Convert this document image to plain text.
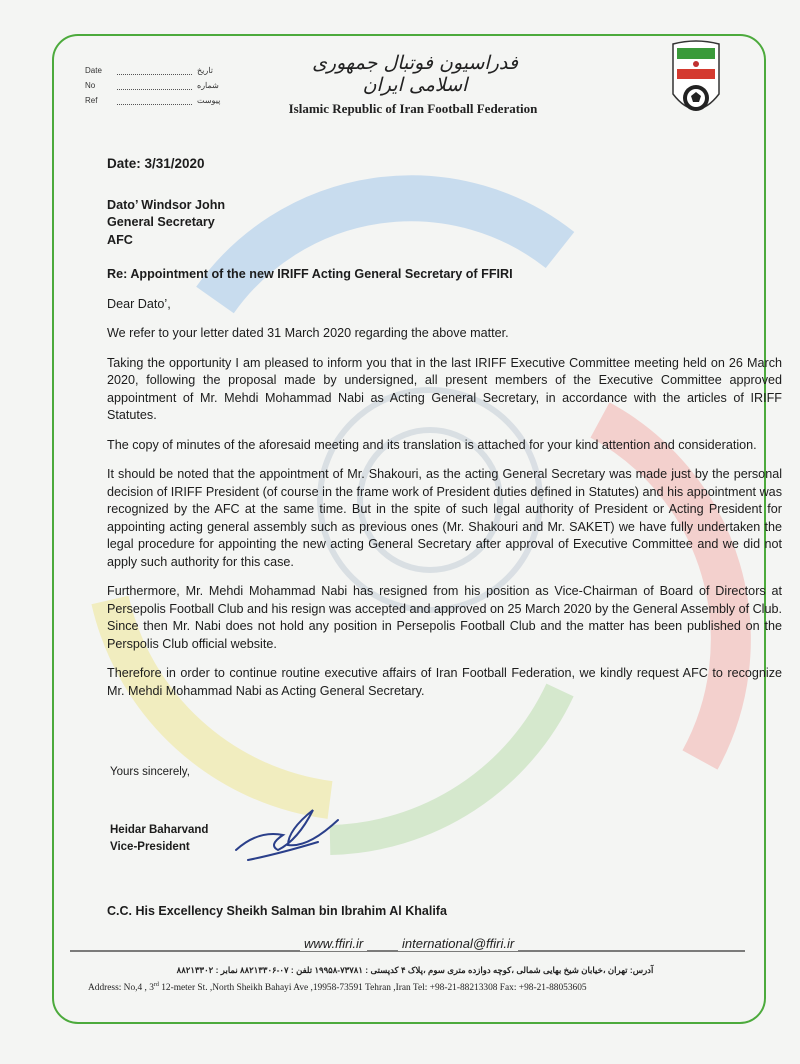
Date	تاریخ
No	شماره
Ref	پیوست
فدراسیون فوتبال جمهوری اسلامی ایران
Islamic Republic of Iran Football Federation

Date: 3/31/2020

Dato’ Windsor John

General Secretary

AFC

Re: Appointment of the new IRIFF Acting General Secretary of FFIRI

Dear Dato’,

We refer to your letter dated 31 March 2020 regarding the above matter.

Taking the opportunity I am pleased to inform you that in the last IRIFF Executive Committee meeting held on 26 March 2020, following the proposal made by undersigned, all present members of the Executive Committee approved appointment of Mr. Mehdi Mohammad Nabi as Acting General Secretary, in accordance with the articles of IRIFF Statutes.

The copy of minutes of the aforesaid meeting and its translation is attached for your kind attention and consideration.

It should be noted that the appointment of Mr. Shakouri, as the acting General Secretary was made just by the personal decision of IRIFF President (of course in the frame work of President duties defined in Statutes) and his appointment was recognized by the AFC at the same time. But in the spite of such legal authority of President or Acting President for appointing acting general assembly such as previous ones (Mr. Shakouri and Mr. SAKET) we have fully undertaken the legal procedure for appointing the new acting General Secretary after approval of Executive Committee and we did not apply such authority for this case.

Furthermore, Mr. Mehdi Mohammad Nabi has resigned from his position as Vice-Chairman of Board of Directors at Persepolis Football Club and his resign was accepted and approved on 25 March 2020 by the General Assembly of Club. Since then Mr. Nabi does not hold any position in Persepolis Football Club and the matter has been published on the Perspolis Club official website.

Therefore in order to continue routine executive affairs of Iran Football Federation, we kindly request AFC to recognize Mr. Mehdi Mohammad Nabi as Acting General Secretary.

Yours sincerely,
Heidar Baharvand
Vice-President
C.C. His Excellency Sheikh Salman bin Ibrahim Al Khalifa
www.ffiri.ir	international@ffiri.ir
آدرس: تهران ،خیابان شیخ بهایی شمالی ،کوچه دوازده متری سوم ،پلاک ۴ کدپستی : ۷۳۷۸۱-۱۹۹۵۸ تلفن : ۰۷-۸۸۲۱۳۳۰۶ نمابر : ۸۸۲۱۳۳۰۲
Address: No,4 , 3rd 12-meter St. ,North Sheikh Bahayi Ave ,19958-73591 Tehran ,Iran Tel: +98-21-88213308 Fax: +98-21-88053605
